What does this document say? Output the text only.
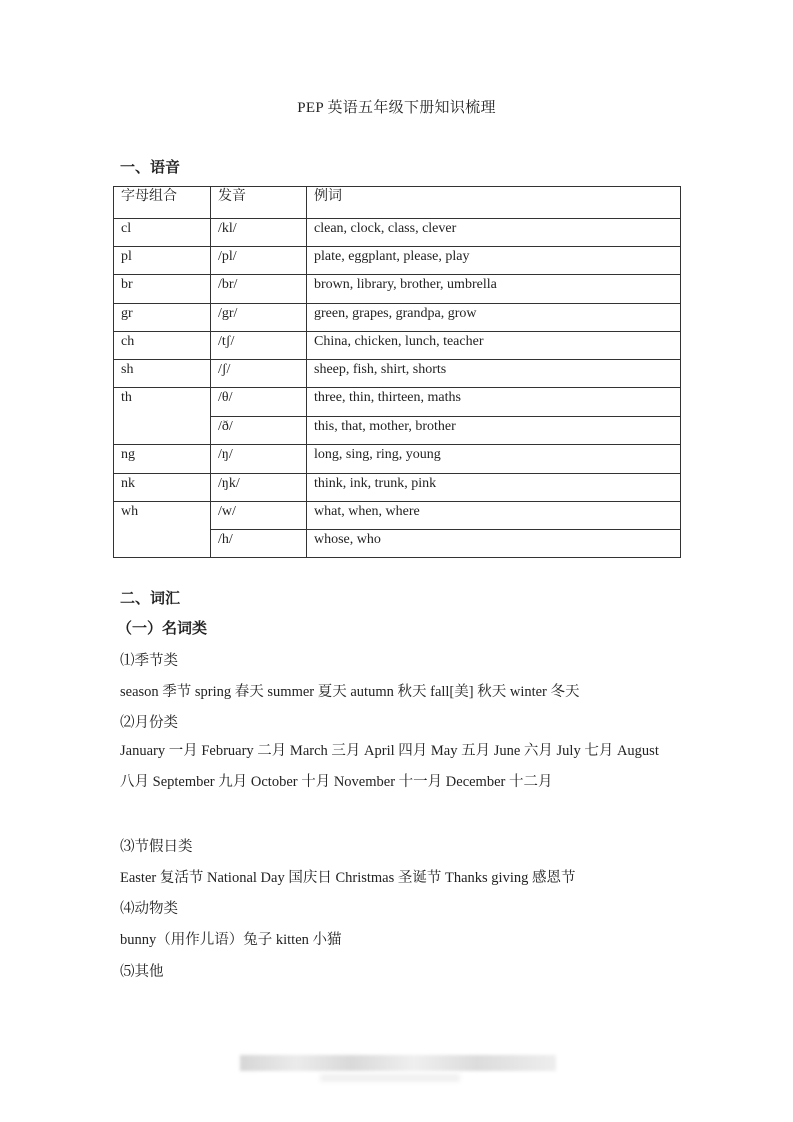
PEP 英语五年级下册知识梳理
一、语音
字母组合	发音	例词
cl	/kl/	clean, clock, class, clever
pl	/pl/	plate, eggplant, please, play
br	/br/	brown, library, brother, umbrella
gr	/gr/	green, grapes, grandpa, grow
ch	/tʃ/	China, chicken, lunch, teacher
sh	/ʃ/	sheep, fish, shirt, shorts
th	/θ/	three, thin, thirteen, maths
	/ð/	this, that, mother, brother
ng	/ŋ/	long, sing, ring, young
nk	/ŋk/	think, ink, trunk, pink
wh	/w/	what, when, where
	/h/	whose, who
二、词汇
（一）名词类
⑴季节类
season 季节 spring 春天 summer 夏天 autumn 秋天 fall[美] 秋天 winter 冬天
⑵月份类
January 一月 February 二月 March 三月 April 四月 May 五月 June 六月 July 七月 August 八月 September 九月 October 十月 November 十一月 December 十二月
⑶节假日类
Easter 复活节 National Day 国庆日 Christmas 圣诞节 Thanks giving 感恩节
⑷动物类
bunny（用作儿语）兔子 kitten 小猫
⑸其他
